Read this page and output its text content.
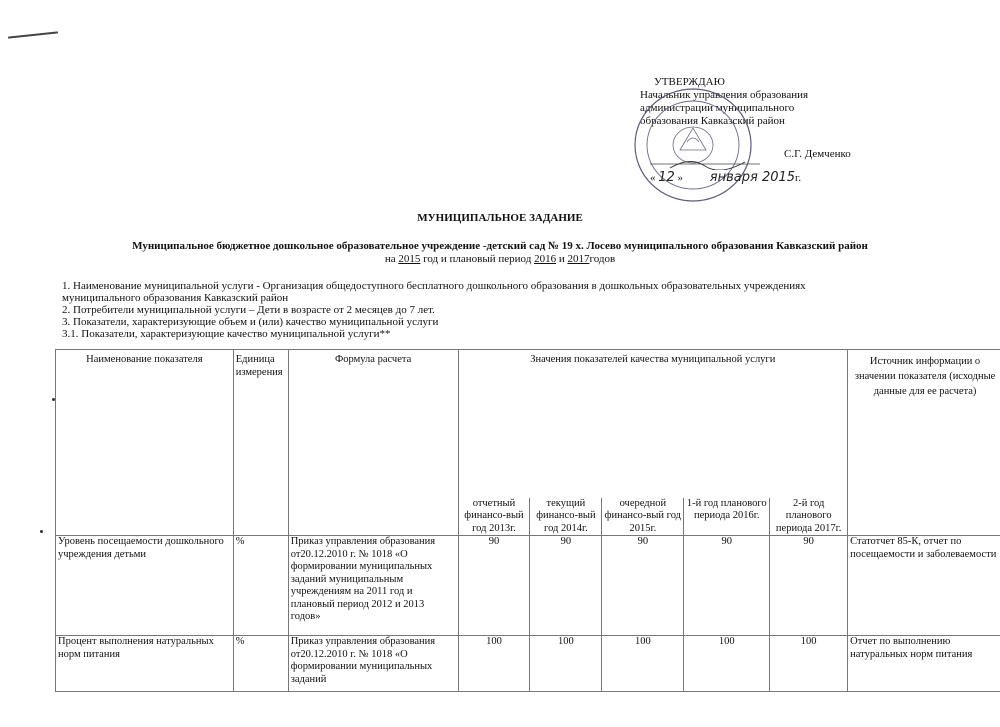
УТВЕРЖДАЮ
Начальник управления образования
администрации муниципального
образования Кавказский район
С.Г. Демченко
« 12 » января 2015г.
МУНИЦИПАЛЬНОЕ ЗАДАНИЕ
Муниципальное бюджетное дошкольное образовательное учреждение -детский сад № 19 х. Лосево муниципального образования Кавказский район
на 2015 год и плановый период 2016 и 2017годов
1. Наименование муниципальной услуги - Организация общедоступного бесплатного дошкольного образования в дошкольных образовательных учреждениях
муниципального образования Кавказский район
2. Потребители муниципальной услуги – Дети в возрасте от 2 месяцев до 7 лет.
3. Показатели, характеризующие объем и (или) качество муниципальной услуги
3.1. Показатели, характеризующие качество муниципальной услуги**
Наименование показателя	Единица измерения	Формула расчета	Значения показателей качества муниципальной услуги					Источник информации о значении показателя (исходные данные для ее расчета)
			отчетный финансо-вый год 2013г.	текущий финансо-вый год 2014г.	очередной финансо-вый год 2015г.	1-й год планового периода 2016г.	2-й год планового периода 2017г.	
Уровень посещаемости дошкольного учреждения детьми	%	Приказ управления образования от20.12.2010 г. № 1018 «О формировании муниципальных заданий муниципальным учреждениям на 2011 год и плановый период 2012 и 2013 годов»	90	90	90	90	90	Статотчет 85-К, отчет по посещаемости и заболеваемости
Процент выполнения натуральных норм питания	%	Приказ управления образования от20.12.2010 г. № 1018 «О формировании муниципальных заданий	100	100	100	100	100	Отчет по выполнению натуральных норм питания
